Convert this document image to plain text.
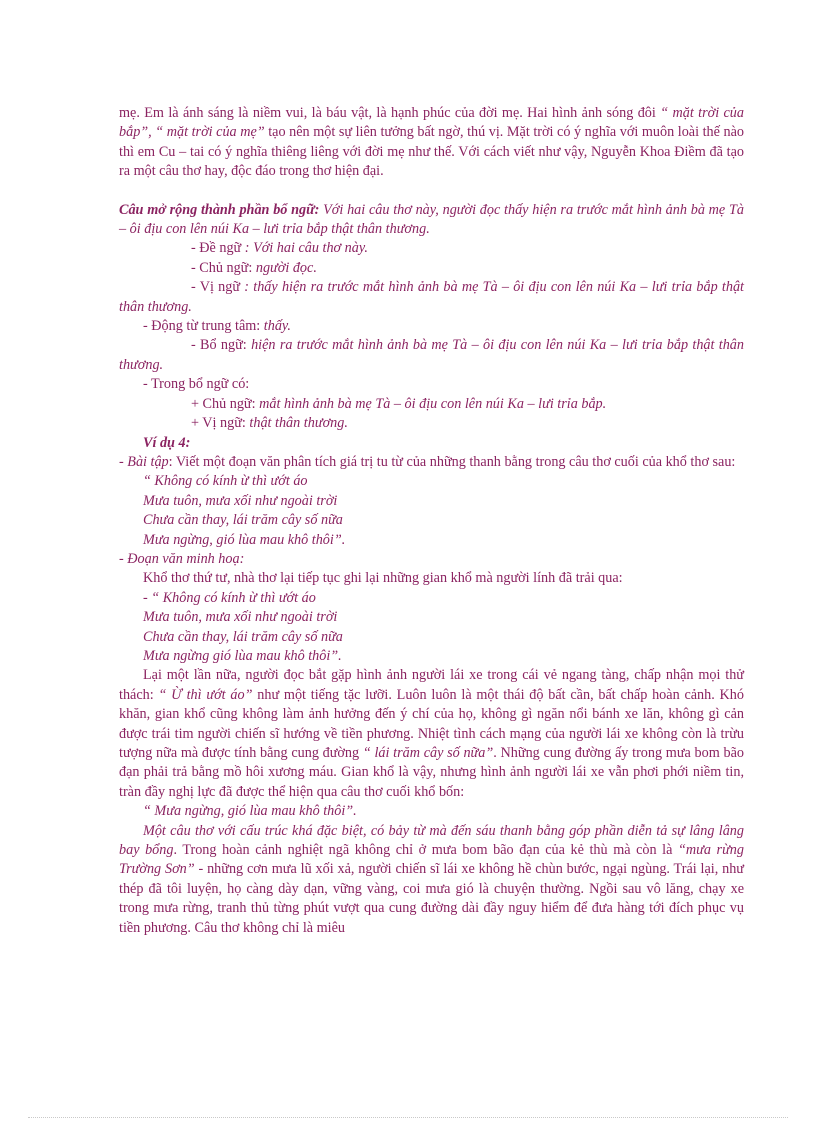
mẹ. Em là ánh sáng là niềm vui, là báu vật, là hạnh phúc của đời mẹ. Hai hình ảnh sóng đôi “ mặt trời của bắp”, “ mặt trời của mẹ” tạo nên một sự liên tưởng bất ngờ, thú vị. Mặt trời có ý nghĩa với muôn loài thế nào thì em Cu – tai có ý nghĩa thiêng liêng với đời mẹ như thế. Với cách viết như vậy, Nguyễn Khoa Điềm đã tạo ra một câu thơ hay, độc đáo trong thơ hiện đại.

Câu mở rộng thành phần bổ ngữ: Với hai câu thơ này, người đọc thấy hiện ra trước mắt hình ảnh bà mẹ Tà – ôi địu con lên núi Ka – lưi trỉa bắp thật thân thương.

- Đề ngữ : Với hai câu thơ này.

- Chủ ngữ: người đọc.

- Vị ngữ : thấy hiện ra trước mắt hình ảnh bà mẹ Tà – ôi địu con lên núi Ka – lưi trỉa bắp thật thân thương.

- Động từ trung tâm: thấy.

- Bổ ngữ: hiện ra trước mắt hình ảnh bà mẹ Tà – ôi địu con lên núi Ka – lưi trỉa bắp thật thân thương.

- Trong bổ ngữ có:

+ Chủ ngữ: mắt hình ảnh bà mẹ Tà – ôi địu con lên núi Ka – lưi trỉa bắp.

+ Vị ngữ: thật thân thương.

Ví dụ 4:

- Bài tập: Viết một đoạn văn phân tích giá trị tu từ của những thanh bằng trong câu thơ cuối của khổ thơ sau:

“ Không có kính ừ thì ướt áo

Mưa tuôn, mưa xối như ngoài trời

Chưa cần thay, lái trăm cây số nữa

Mưa ngừng, gió lùa mau khô thôi”.

- Đoạn văn minh hoạ:

Khổ thơ thứ tư, nhà thơ lại tiếp tục ghi lại những gian khổ mà người lính đã trải qua:

- “ Không có kính ừ thì ướt áo

Mưa tuôn, mưa xối như ngoài trời

Chưa cần thay, lái trăm cây số nữa

Mưa ngừng gió lùa mau khô thôi”.

Lại một lần nữa, người đọc bắt gặp hình ảnh người lái xe trong cái vẻ ngang tàng, chấp nhận mọi thử thách: “ Ừ thì ướt áo” như một tiếng tặc lưỡi. Luôn luôn là một thái độ bất cần, bất chấp hoàn cảnh. Khó khăn, gian khổ cũng không làm ảnh hưởng đến ý chí của họ, không gì ngăn nổi bánh xe lăn, không gì cản được trái tim người chiến sĩ hướng về tiền phương. Nhiệt tình cách mạng của người lái xe không còn là trừu tượng nữa mà được tính bằng cung đường “ lái trăm cây số nữa”. Những cung đường ấy trong mưa bom bão đạn phải trả bằng mồ hôi xương máu. Gian khổ là vậy, nhưng hình ảnh người lái xe vẫn phơi phới niềm tin, tràn đầy nghị lực đã được thể hiện qua câu thơ cuối khổ bốn:

“ Mưa ngừng, gió lùa mau khô thôi”.

Một câu thơ với cấu trúc khá đặc biệt, có bảy từ mà đến sáu thanh bằng góp phần diễn tả sự lâng lâng bay bổng. Trong hoàn cảnh nghiệt ngã không chỉ ở mưa bom bão đạn của kẻ thù mà còn là “mưa rừng Trường Sơn” - những cơn mưa lũ xối xả, người chiến sĩ lái xe không hề chùn bước, ngại ngùng. Trái lại, như thép đã tôi luyện, họ càng dày dạn, vững vàng, coi mưa gió là chuyện thường. Ngồi sau vô lăng, chạy xe trong mưa rừng, tranh thủ từng phút vượt qua cung đường dài đầy nguy hiểm để đưa hàng tới đích phục vụ tiền phương. Câu thơ không chỉ là miêu
